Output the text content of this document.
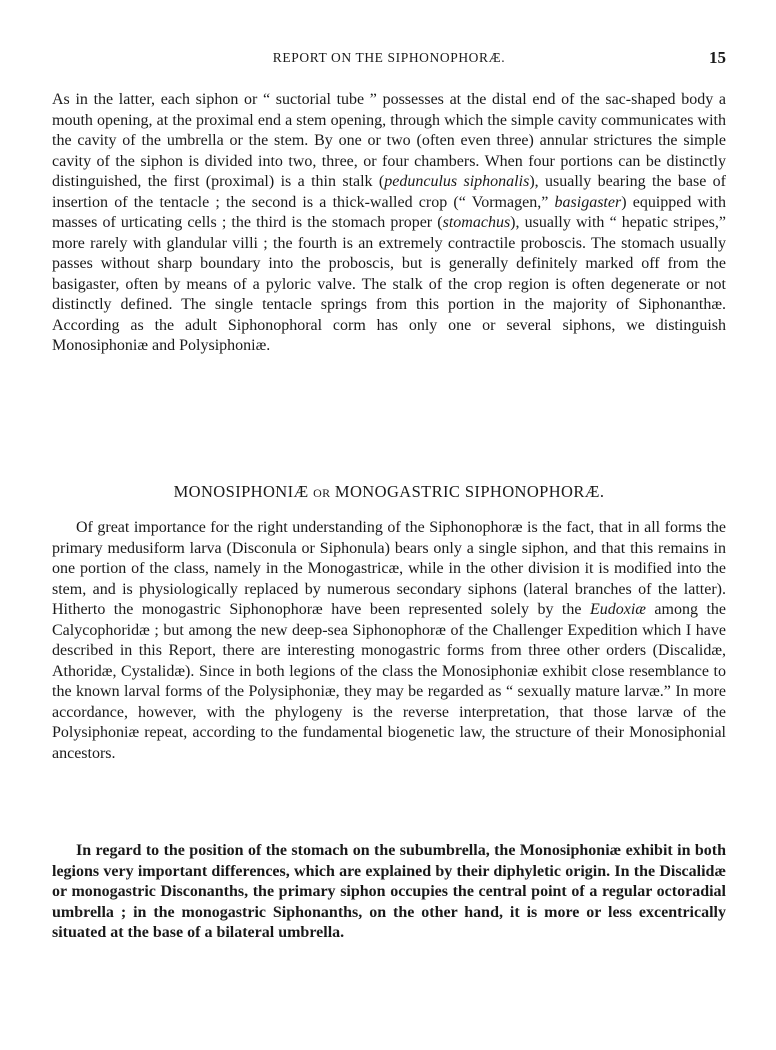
REPORT ON THE SIPHONOPHORÆ.	15

As in the latter, each siphon or “ suctorial tube ” possesses at the distal end of the sac-shaped body a mouth opening, at the proximal end a stem opening, through which the simple cavity communicates with the cavity of the umbrella or the stem. By one or two (often even three) annular strictures the simple cavity of the siphon is divided into two, three, or four chambers. When four portions can be distinctly distinguished, the first (proximal) is a thin stalk (pedunculus siphonalis), usually bearing the base of insertion of the tentacle ; the second is a thick-walled crop (“ Vormagen,” basigaster) equipped with masses of urticating cells ; the third is the stomach proper (stomachus), usually with “ hepatic stripes,” more rarely with glandular villi ; the fourth is an extremely contractile proboscis. The stomach usually passes without sharp boundary into the proboscis, but is generally definitely marked off from the basigaster, often by means of a pyloric valve. The stalk of the crop region is often degenerate or not distinctly defined. The single tentacle springs from this portion in the majority of Siphonanthæ. According as the adult Siphonophoral corm has only one or several siphons, we distinguish Monosiphoniæ and Polysiphoniæ.

MONOSIPHONIÆ OR MONOGASTRIC SIPHONOPHORÆ.

Of great importance for the right understanding of the Siphonophoræ is the fact, that in all forms the primary medusiform larva (Disconula or Siphonula) bears only a single siphon, and that this remains in one portion of the class, namely in the Monogastricæ, while in the other division it is modified into the stem, and is physiologically replaced by numerous secondary siphons (lateral branches of the latter). Hitherto the monogastric Siphonophoræ have been represented solely by the Eudoxiæ among the Calycophoridæ ; but among the new deep-sea Siphonophoræ of the Challenger Expedition which I have described in this Report, there are interesting monogastric forms from three other orders (Discalidæ, Athoridæ, Cystalidæ). Since in both legions of the class the Monosiphoniæ exhibit close resemblance to the known larval forms of the Polysiphoniæ, they may be regarded as “ sexually mature larvæ.” In more accordance, however, with the phylogeny is the reverse interpretation, that those larvæ of the Polysiphoniæ repeat, according to the fundamental biogenetic law, the structure of their Monosiphonial ancestors.

In regard to the position of the stomach on the subumbrella, the Monosiphoniæ exhibit in both legions very important differences, which are explained by their diphyletic origin. In the Discalidæ or monogastric Disconanths, the primary siphon occupies the central point of a regular octoradial umbrella ; in the monogastric Siphonanths, on the other hand, it is more or less excentrically situated at the base of a bilateral umbrella.
